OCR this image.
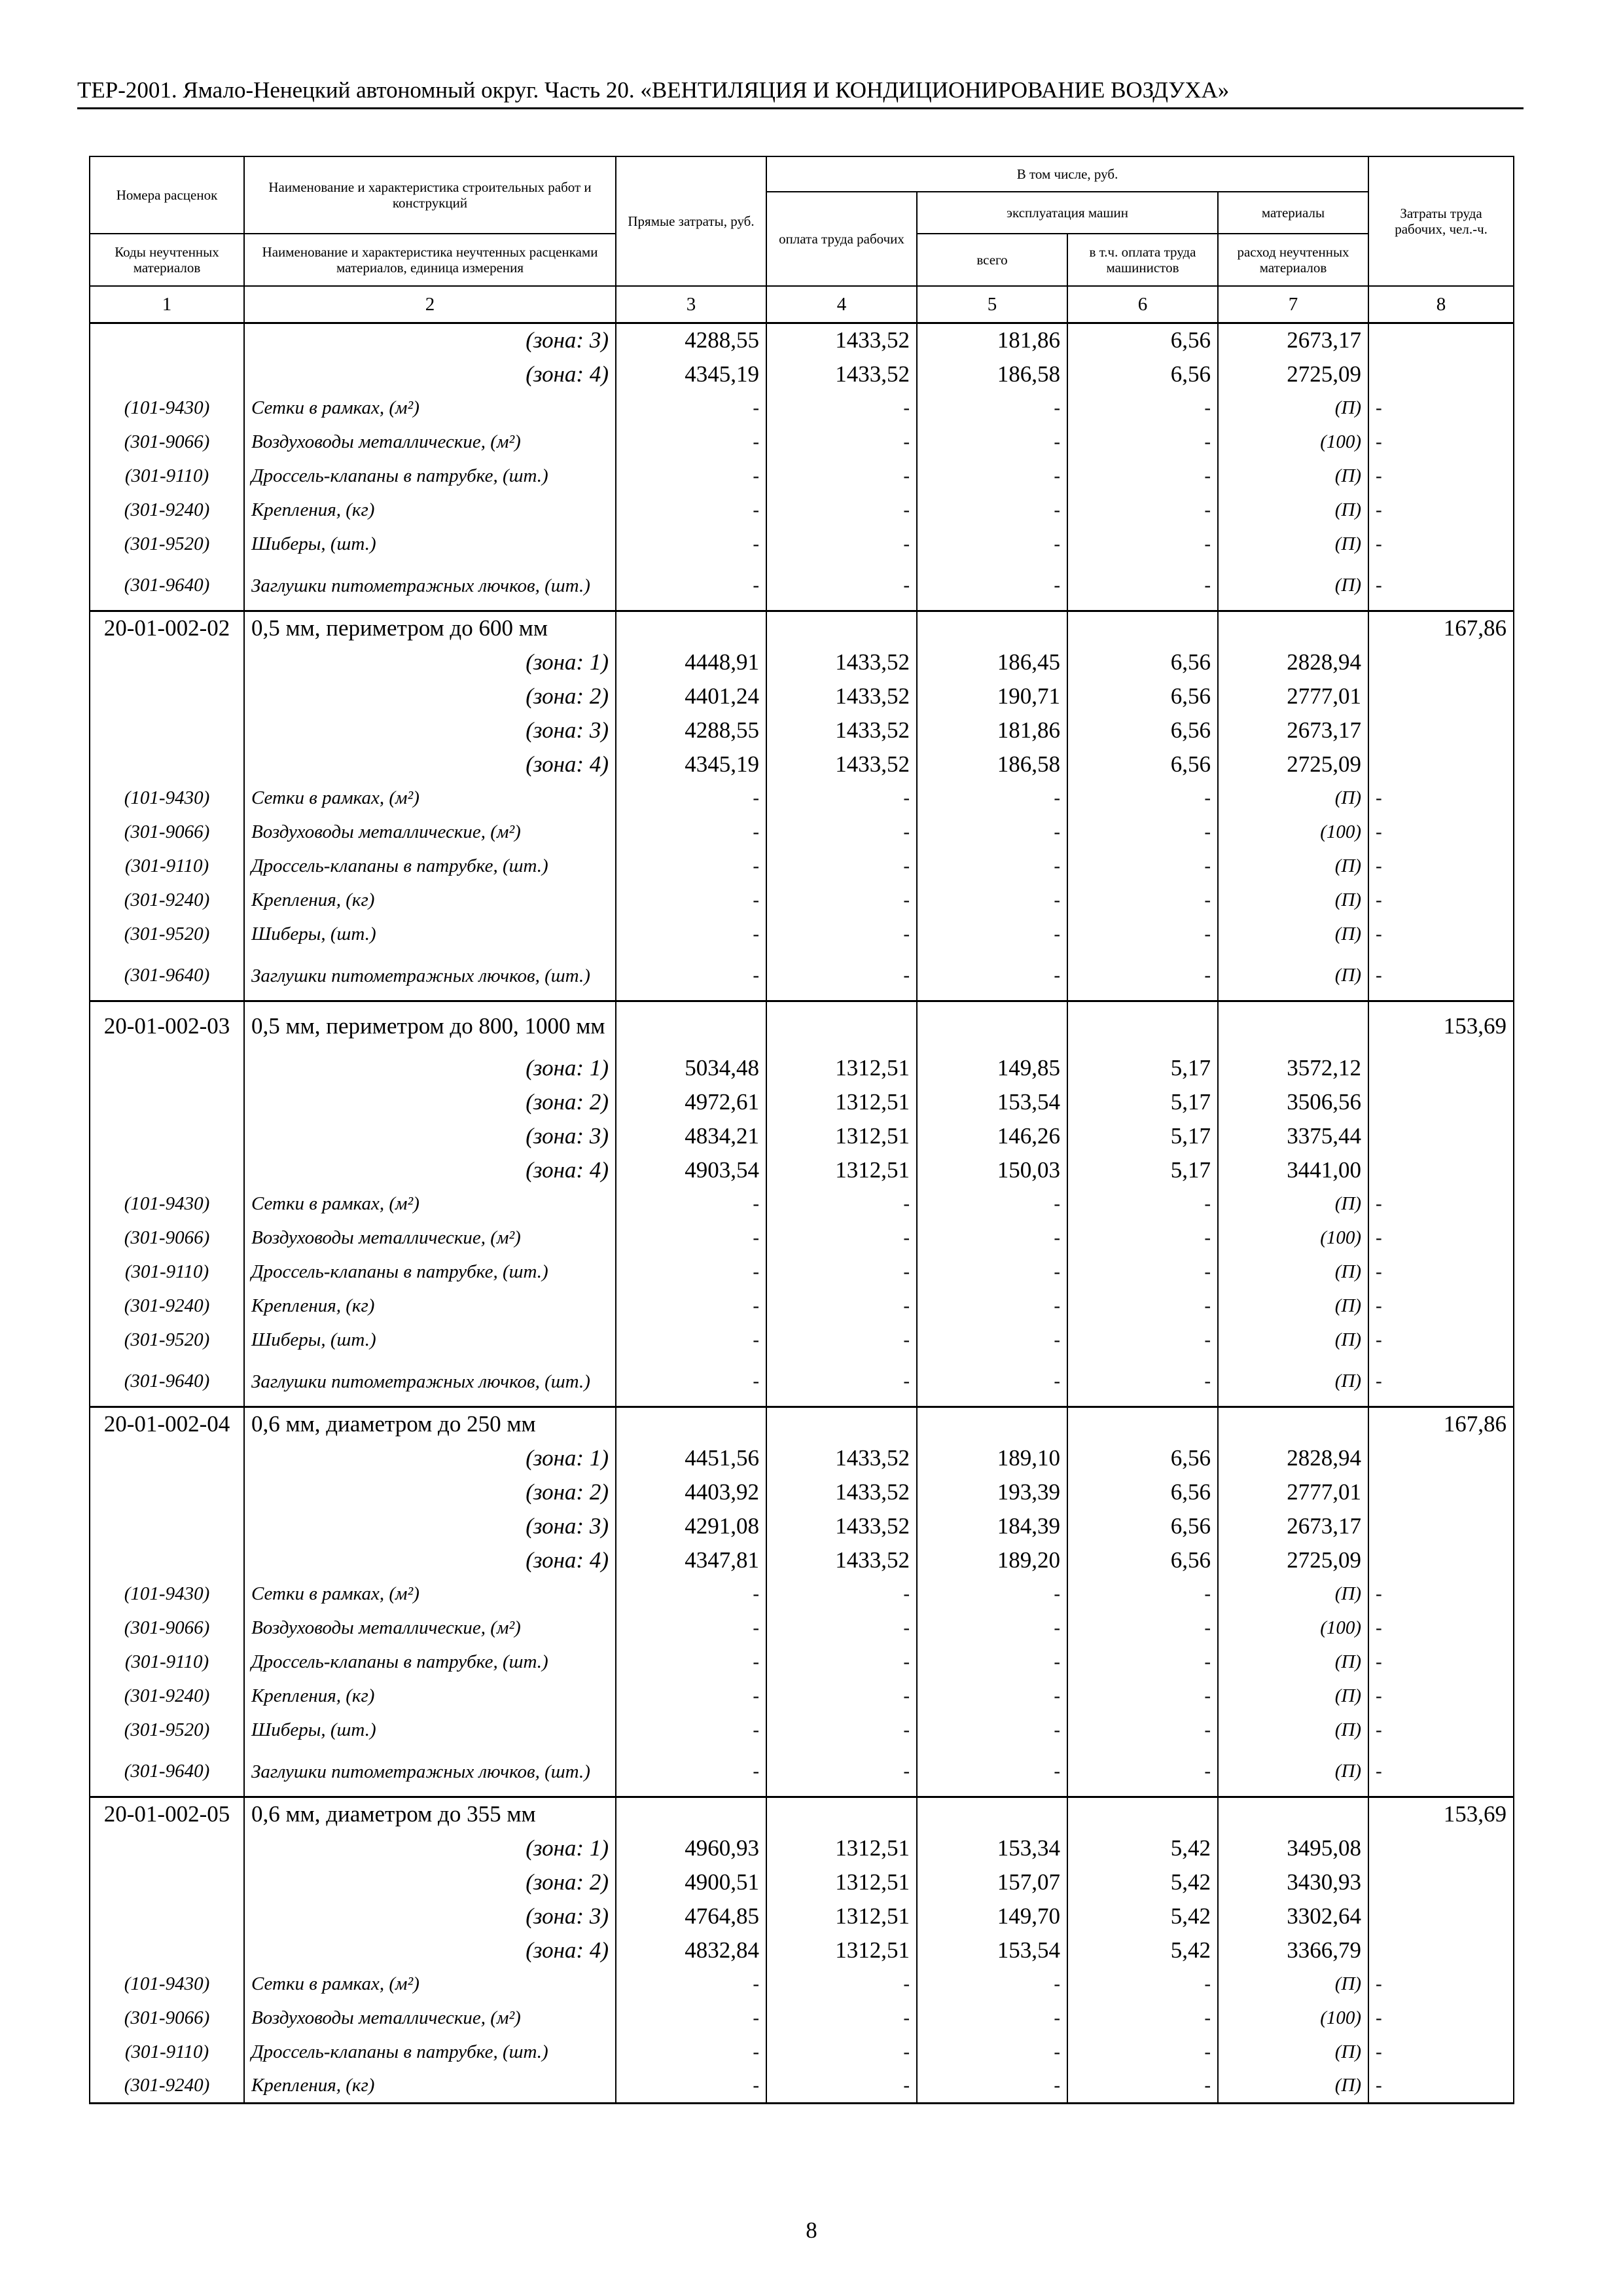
ТЕР-2001. Ямало-Ненецкий автономный округ. Часть 20. «ВЕНТИЛЯЦИЯ И КОНДИЦИОНИРОВАНИЕ ВОЗДУХА»
Номера расценок	Наименование и характеристика строительных работ и конструкций	Прямые затраты, руб.	В том числе, руб.				Затраты труда рабочих, чел.-ч.
			оплата труда рабочих	эксплуатация машин		материалы	

Коды неучтенных материалов	Наименование и характеристика неучтенных расценками материалов, единица измерения			всего	в т.ч. оплата труда машинистов	расход неучтенных материалов	

1	2	3	4	5	6	7	8
	(зона: 3)	4288,55	1433,52	181,86	6,56	2673,17	
	(зона: 4)	4345,19	1433,52	186,58	6,56	2725,09	
(101-9430)	Сетки в рамках, (м²)	-	-	-	-	(П)	-
(301-9066)	Воздуховоды металлические, (м²)	-	-	-	-	(100)	-
(301-9110)	Дроссель-клапаны в патрубке, (шт.)	-	-	-	-	(П)	-
(301-9240)	Крепления, (кг)	-	-	-	-	(П)	-
(301-9520)	Шиберы, (шт.)	-	-	-	-	(П)	-
(301-9640)	Заглушки питометражных лючков, (шт.)	-	-	-	-	(П)	-
20-01-002-02	0,5 мм, периметром до 600 мм						167,86
	(зона: 1)	4448,91	1433,52	186,45	6,56	2828,94	
	(зона: 2)	4401,24	1433,52	190,71	6,56	2777,01	
	(зона: 3)	4288,55	1433,52	181,86	6,56	2673,17	
	(зона: 4)	4345,19	1433,52	186,58	6,56	2725,09	
(101-9430)	Сетки в рамках, (м²)	-	-	-	-	(П)	-
(301-9066)	Воздуховоды металлические, (м²)	-	-	-	-	(100)	-
(301-9110)	Дроссель-клапаны в патрубке, (шт.)	-	-	-	-	(П)	-
(301-9240)	Крепления, (кг)	-	-	-	-	(П)	-
(301-9520)	Шиберы, (шт.)	-	-	-	-	(П)	-
(301-9640)	Заглушки питометражных лючков, (шт.)	-	-	-	-	(П)	-
20-01-002-03	0,5 мм, периметром до 800, 1000 мм						153,69
	(зона: 1)	5034,48	1312,51	149,85	5,17	3572,12	
	(зона: 2)	4972,61	1312,51	153,54	5,17	3506,56	
	(зона: 3)	4834,21	1312,51	146,26	5,17	3375,44	
	(зона: 4)	4903,54	1312,51	150,03	5,17	3441,00	
(101-9430)	Сетки в рамках, (м²)	-	-	-	-	(П)	-
(301-9066)	Воздуховоды металлические, (м²)	-	-	-	-	(100)	-
(301-9110)	Дроссель-клапаны в патрубке, (шт.)	-	-	-	-	(П)	-
(301-9240)	Крепления, (кг)	-	-	-	-	(П)	-
(301-9520)	Шиберы, (шт.)	-	-	-	-	(П)	-
(301-9640)	Заглушки питометражных лючков, (шт.)	-	-	-	-	(П)	-
20-01-002-04	0,6 мм, диаметром до 250 мм						167,86
	(зона: 1)	4451,56	1433,52	189,10	6,56	2828,94	
	(зона: 2)	4403,92	1433,52	193,39	6,56	2777,01	
	(зона: 3)	4291,08	1433,52	184,39	6,56	2673,17	
	(зона: 4)	4347,81	1433,52	189,20	6,56	2725,09	
(101-9430)	Сетки в рамках, (м²)	-	-	-	-	(П)	-
(301-9066)	Воздуховоды металлические, (м²)	-	-	-	-	(100)	-
(301-9110)	Дроссель-клапаны в патрубке, (шт.)	-	-	-	-	(П)	-
(301-9240)	Крепления, (кг)	-	-	-	-	(П)	-
(301-9520)	Шиберы, (шт.)	-	-	-	-	(П)	-
(301-9640)	Заглушки питометражных лючков, (шт.)	-	-	-	-	(П)	-
20-01-002-05	0,6 мм, диаметром до 355 мм						153,69
	(зона: 1)	4960,93	1312,51	153,34	5,42	3495,08	
	(зона: 2)	4900,51	1312,51	157,07	5,42	3430,93	
	(зона: 3)	4764,85	1312,51	149,70	5,42	3302,64	
	(зона: 4)	4832,84	1312,51	153,54	5,42	3366,79	
(101-9430)	Сетки в рамках, (м²)	-	-	-	-	(П)	-
(301-9066)	Воздуховоды металлические, (м²)	-	-	-	-	(100)	-
(301-9110)	Дроссель-клапаны в патрубке, (шт.)	-	-	-	-	(П)	-
(301-9240)	Крепления, (кг)	-	-	-	-	(П)	-
8
